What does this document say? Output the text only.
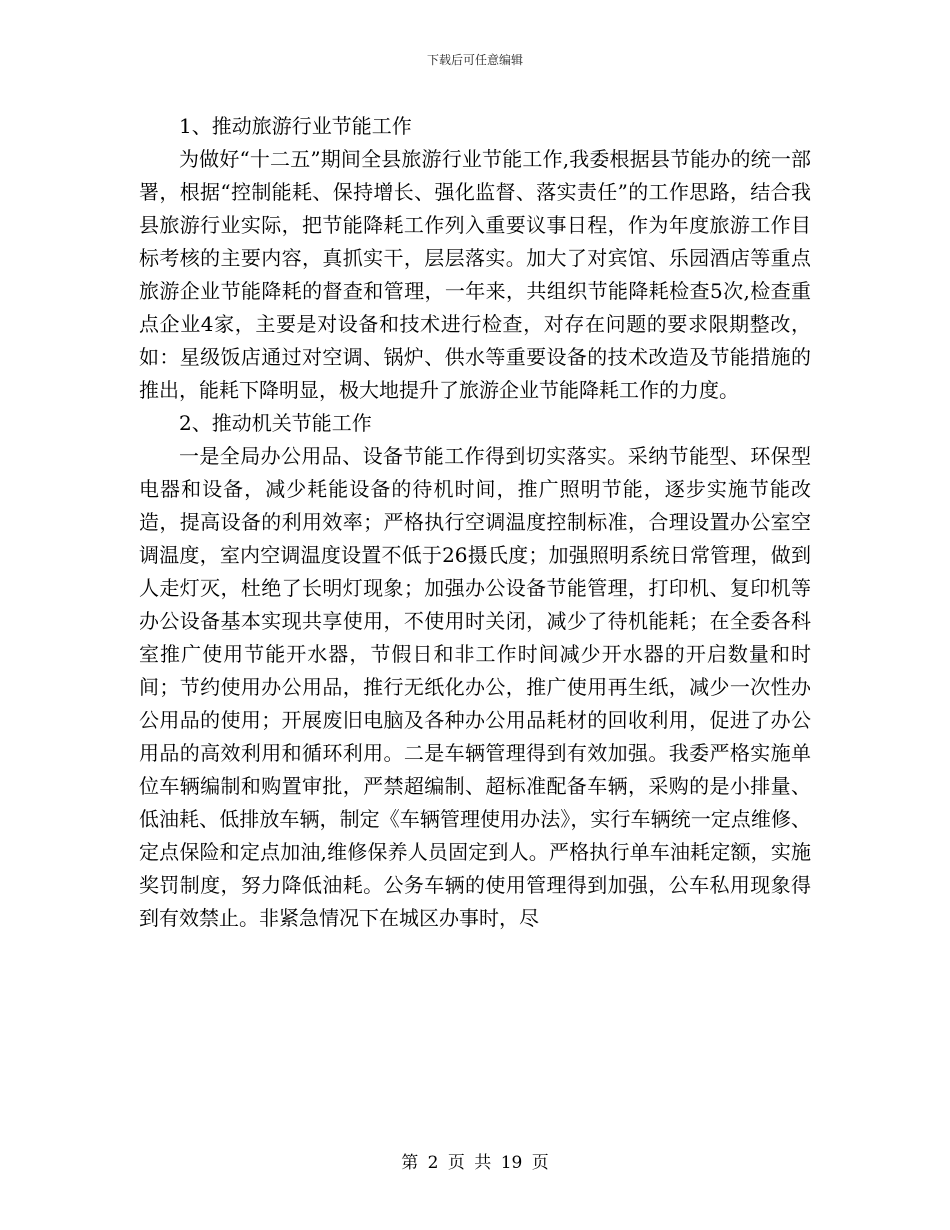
下载后可任意编辑

1、推动旅游行业节能工作

为做好“十二五”期间全县旅游行业节能工作,我委根据县节能办的统一部署，根据“控制能耗、保持增长、强化监督、落实责任”的工作思路，结合我县旅游行业实际，把节能降耗工作列入重要议事日程，作为年度旅游工作目标考核的主要内容，真抓实干，层层落实。加大了对宾馆、乐园酒店等重点旅游企业节能降耗的督查和管理，一年来，共组织节能降耗检查5次,检查重点企业4家，主要是对设备和技术进行检查，对存在问题的要求限期整改，如：星级饭店通过对空调、锅炉、供水等重要设备的技术改造及节能措施的推出，能耗下降明显，极大地提升了旅游企业节能降耗工作的力度。

2、推动机关节能工作

一是全局办公用品、设备节能工作得到切实落实。采纳节能型、环保型电器和设备，减少耗能设备的待机时间，推广照明节能，逐步实施节能改造，提高设备的利用效率；严格执行空调温度控制标准，合理设置办公室空调温度，室内空调温度设置不低于26摄氏度；加强照明系统日常管理，做到人走灯灭，杜绝了长明灯现象；加强办公设备节能管理，打印机、复印机等办公设备基本实现共享使用，不使用时关闭，减少了待机能耗；在全委各科室推广使用节能开水器，节假日和非工作时间减少开水器的开启数量和时间；节约使用办公用品，推行无纸化办公，推广使用再生纸，减少一次性办公用品的使用；开展废旧电脑及各种办公用品耗材的回收利用，促进了办公用品的高效利用和循环利用。二是车辆管理得到有效加强。我委严格实施单位车辆编制和购置审批，严禁超编制、超标准配备车辆，采购的是小排量、低油耗、低排放车辆，制定《车辆管理使用办法》，实行车辆统一定点维修、定点保险和定点加油,维修保养人员固定到人。严格执行单车油耗定额，实施奖罚制度，努力降低油耗。公务车辆的使用管理得到加强，公车私用现象得到有效禁止。非紧急情况下在城区办事时，尽

第 2 页 共 19 页
